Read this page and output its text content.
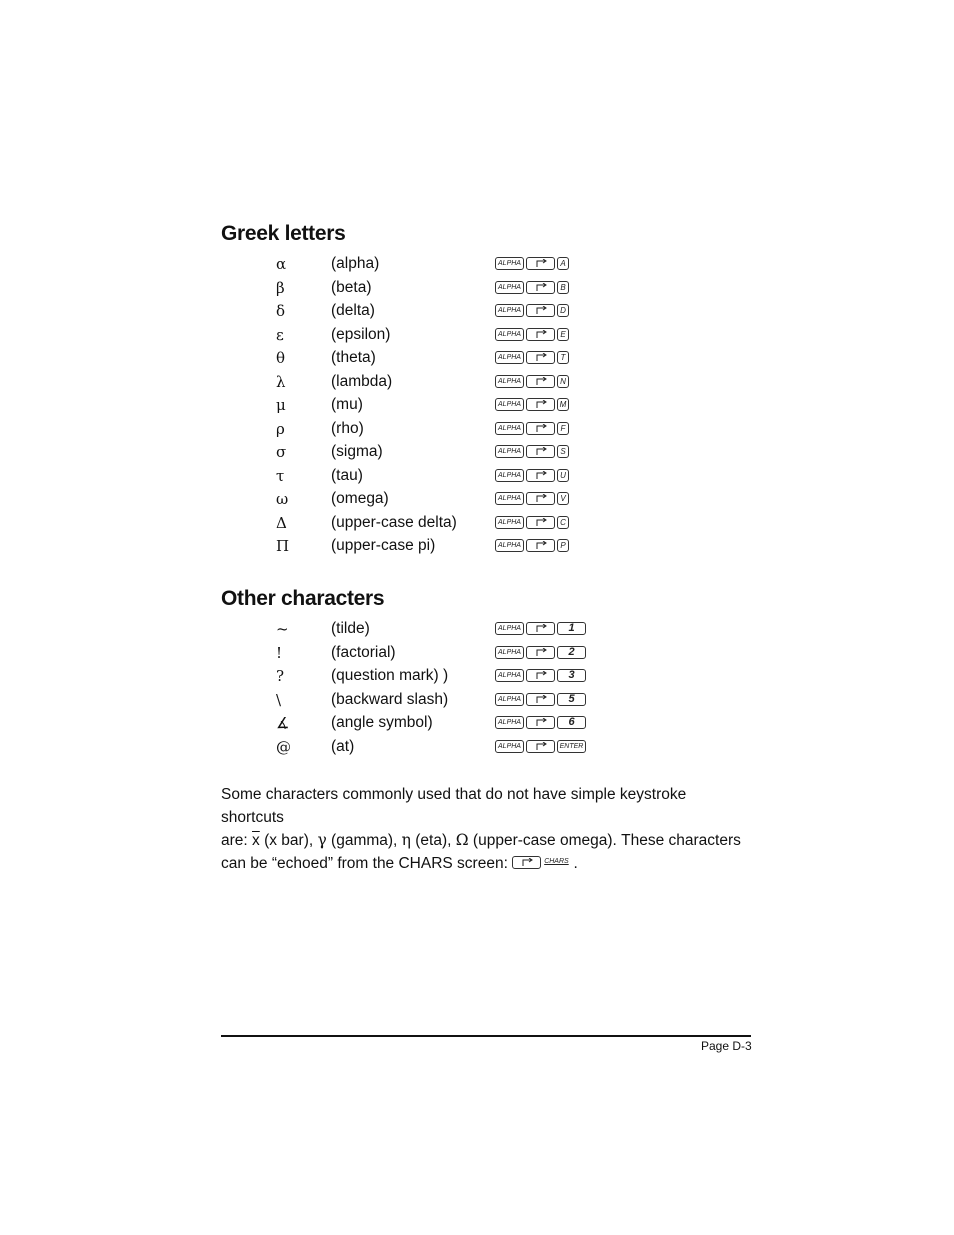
Greek letters
α	(alpha)	ALPHA	A
β	(beta)	ALPHA	B
δ	(delta)	ALPHA	D
ε	(epsilon)	ALPHA	E
θ	(theta)	ALPHA	T
λ	(lambda)	ALPHA	N
μ	(mu)	ALPHA	M
ρ	(rho)	ALPHA	F
σ	(sigma)	ALPHA	S
τ	(tau)	ALPHA	U
ω	(omega)	ALPHA	V
Δ	(upper-case delta)	ALPHA	C
Π	(upper-case pi)	ALPHA	P
Other characters
~	(tilde)	ALPHA	1
!	(factorial)	ALPHA	2
?	(question mark) )	ALPHA	3
\	(backward slash)	ALPHA	5
∡	(angle symbol)	ALPHA	6
@	(at)	ALPHA	ENTER

Some characters commonly used that do not have simple keystroke shortcuts

are: $\overline{x}$ (x bar), γ (gamma), η (eta), Ω (upper-case omega). These characters

can be “echoed” from the CHARS screen:	CHARS .

Page D-3
